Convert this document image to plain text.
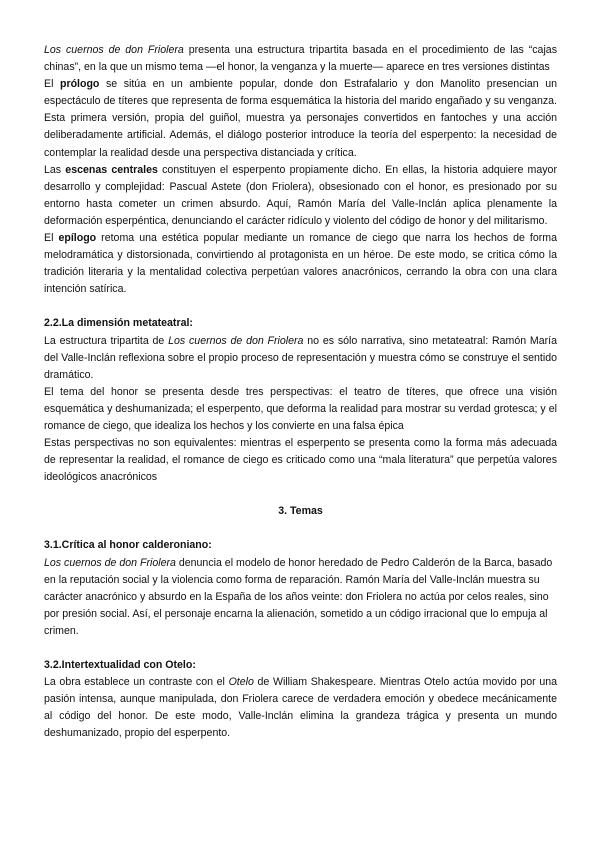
Los cuernos de don Friolera presenta una estructura tripartita basada en el procedimiento de las “cajas chinas”, en la que un mismo tema —el honor, la venganza y la muerte— aparece en tres versiones distintas

El prólogo se sitúa en un ambiente popular, donde don Estrafalario y don Manolito presencian un espectáculo de títeres que representa de forma esquemática la historia del marido engañado y su venganza. Esta primera versión, propia del guiñol, muestra ya personajes convertidos en fantoches y una acción deliberadamente artificial. Además, el diálogo posterior introduce la teoría del esperpento: la necesidad de contemplar la realidad desde una perspectiva distanciada y crítica.

Las escenas centrales constituyen el esperpento propiamente dicho. En ellas, la historia adquiere mayor desarrollo y complejidad: Pascual Astete (don Friolera), obsesionado con el honor, es presionado por su entorno hasta cometer un crimen absurdo. Aquí, Ramón María del Valle-Inclán aplica plenamente la deformación esperpéntica, denunciando el carácter ridículo y violento del código de honor y del militarismo.

El epílogo retoma una estética popular mediante un romance de ciego que narra los hechos de forma melodramática y distorsionada, convirtiendo al protagonista en un héroe. De este modo, se critica cómo la tradición literaria y la mentalidad colectiva perpetúan valores anacrónicos, cerrando la obra con una clara intención satírica.

2.2.La dimensión metateatral:

La estructura tripartita de Los cuernos de don Friolera no es sólo narrativa, sino metateatral: Ramón María del Valle-Inclán reflexiona sobre el propio proceso de representación y muestra cómo se construye el sentido dramático.

El tema del honor se presenta desde tres perspectivas: el teatro de títeres, que ofrece una visión esquemática y deshumanizada; el esperpento, que deforma la realidad para mostrar su verdad grotesca; y el romance de ciego, que idealiza los hechos y los convierte en una falsa épica

Estas perspectivas no son equivalentes: mientras el esperpento se presenta como la forma más adecuada de representar la realidad, el romance de ciego es criticado como una “mala literatura” que perpetúa valores ideológicos anacrónicos

3. Temas
3.1.Crítica al honor calderoniano:

Los cuernos de don Friolera denuncia el modelo de honor heredado de Pedro Calderón de la Barca, basado en la reputación social y la violencia como forma de reparación. Ramón María del Valle-Inclán muestra su carácter anacrónico y absurdo en la España de los años veinte: don Friolera no actúa por celos reales, sino por presión social. Así, el personaje encarna la alienación, sometido a un código irracional que lo empuja al crimen.

3.2.Intertextualidad con Otelo:

La obra establece un contraste con el Otelo de William Shakespeare. Mientras Otelo actúa movido por una pasión intensa, aunque manipulada, don Friolera carece de verdadera emoción y obedece mecánicamente al código del honor. De este modo, Valle-Inclán elimina la grandeza trágica y presenta un mundo deshumanizado, propio del esperpento.
